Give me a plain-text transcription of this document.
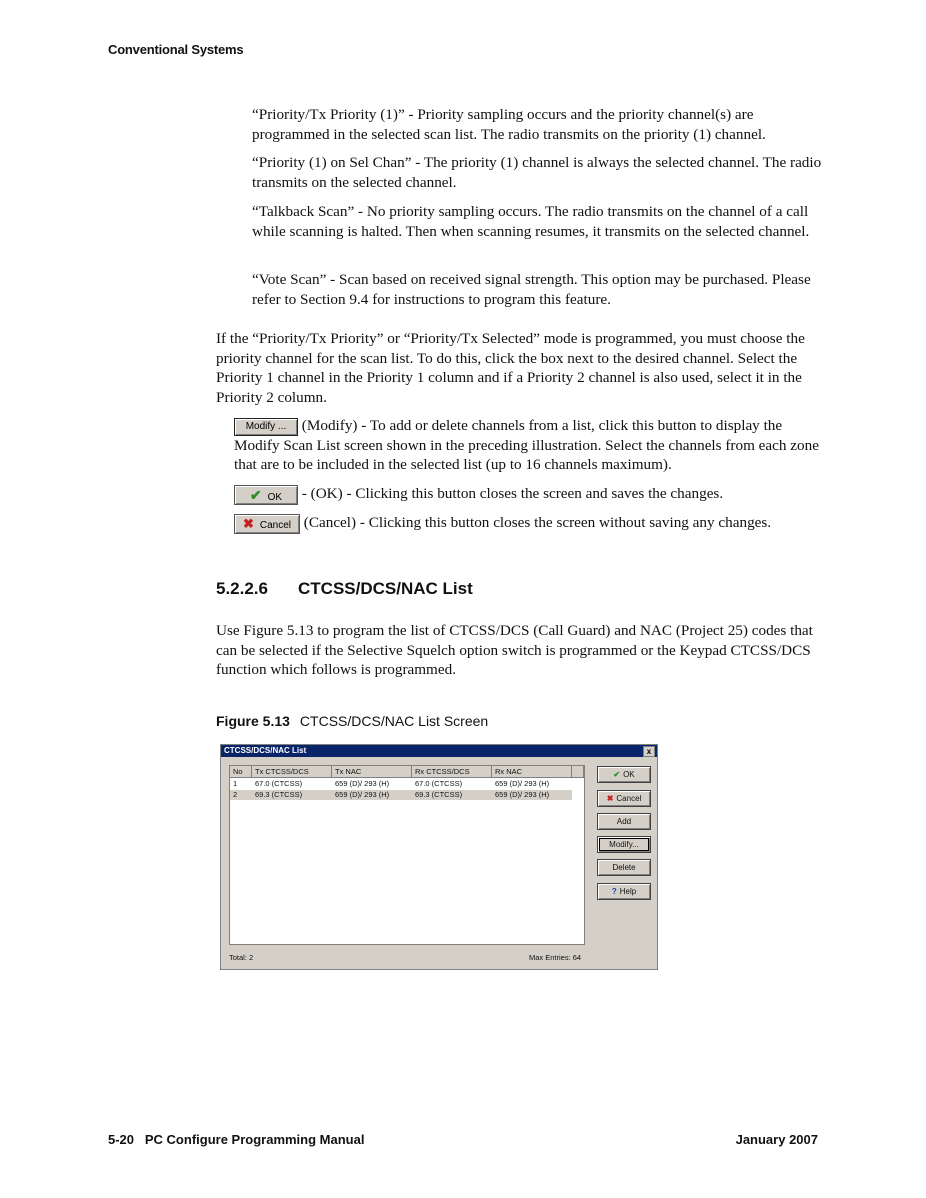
Conventional Systems
“Priority/Tx Priority (1)” - Priority sampling occurs and the priority channel(s) are programmed in the selected scan list. The radio transmits on the priority (1) channel.
“Priority (1) on Sel Chan” - The priority (1) channel is always the selected channel. The radio transmits on the selected channel.
“Talkback Scan” - No priority sampling occurs. The radio transmits on the channel of a call while scanning is halted. Then when scanning resumes, it transmits on the selected channel.
“Vote Scan” - Scan based on received signal strength. This option may be purchased. Please refer to Section 9.4 for instructions to program this feature.
If the “Priority/Tx Priority” or “Priority/Tx Selected” mode is programmed, you must choose the priority channel for the scan list. To do this, click the box next to the desired channel. Select the Priority 1 channel in the Priority 1 column and if a Priority 2 channel is also used, select it in the Priority 2 column.
Modify ... (Modify) - To add or delete channels from a list, click this button to display the Modify Scan List screen shown in the preceding illustration. Select the channels from each zone that are to be included in the selected list (up to 16 channels maximum).
✔ OK - (OK) - Clicking this button closes the screen and saves the changes.
✖ Cancel (Cancel) - Clicking this button closes the screen without saving any changes.
5.2.2.6 CTCSS/DCS/NAC List
Use Figure 5.13 to program the list of CTCSS/DCS (Call Guard) and NAC (Project 25) codes that can be selected if the Selective Squelch option switch is programmed or the Keypad CTCSS/DCS function which follows is programmed.
Figure 5.13 CTCSS/DCS/NAC List Screen
CTCSS/DCS/NAC List	x
No	Tx CTCSS/DCS	Tx NAC	Rx CTCSS/DCS	Rx NAC
1	67.0 (CTCSS)	659 (D)/ 293 (H)	67.0 (CTCSS)	659 (D)/ 293 (H)
2	69.3 (CTCSS)	659 (D)/ 293 (H)	69.3 (CTCSS)	659 (D)/ 293 (H)
✔ OK
✖ Cancel
Add
Modify...
Delete
? Help
Total: 2	Max Entries: 64
5-20 PC Configure Programming Manual	January 2007
